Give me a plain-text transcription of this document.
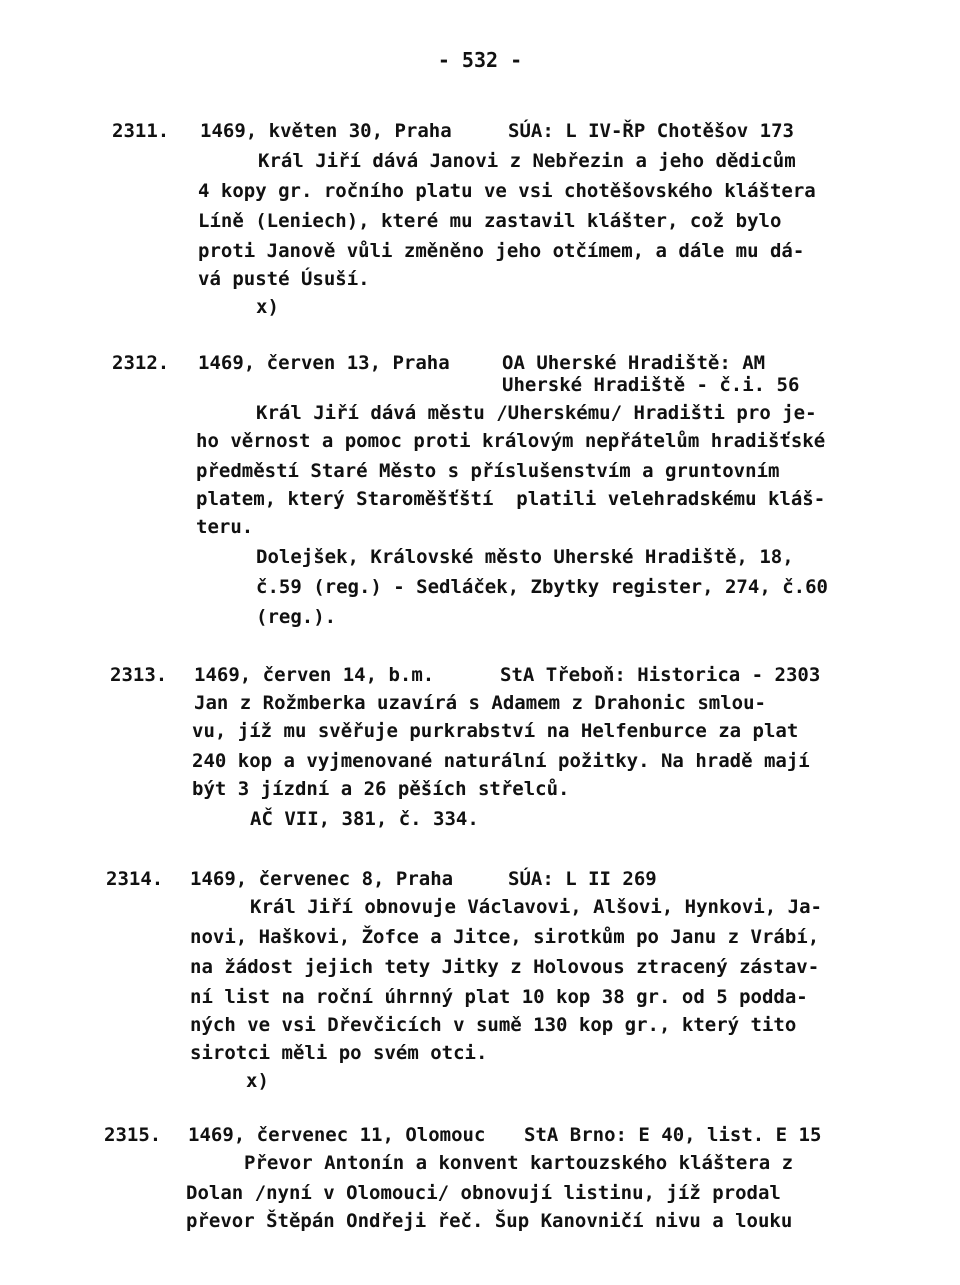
- 532 -
2311. 1469, květen 30, Praha	SÚA: L IV-ŘP Chotěšov 173
Král Jiří dává Janovi z Nebřezin a jeho dědicům
4 kopy gr. ročního platu ve vsi chotěšovského kláštera
Líně (Leniech), které mu zastavil klášter, což bylo
proti Janově vůli změněno jeho otčímem, a dále mu dá-
vá pusté Úsuší.
x)
2312. 1469, červen 13, Praha	OA Uherské Hradiště: AM
Uherské Hradiště - č.i. 56
Král Jiří dává městu /Uherskému/ Hradišti pro je-
ho věrnost a pomoc proti královým nepřátelům hradišťské
předměstí Staré Město s příslušenstvím a gruntovním
platem, který Staroměšťští  platili velehradskému kláš-
teru.
Dolejšek, Královské město Uherské Hradiště, 18,
č.59 (reg.) - Sedláček, Zbytky register, 274, č.60
(reg.).
2313. 1469, červen 14, b.m.	StA Třeboň: Historica - 2303
Jan z Rožmberka uzavírá s Adamem z Drahonic smlou-
vu, jíž mu svěřuje purkrabství na Helfenburce za plat
240 kop a vyjmenované naturální požitky. Na hradě mají
být 3 jízdní a 26 pěších střelců.
AČ VII, 381, č. 334.
2314. 1469, červenec 8, Praha	SÚA: L II 269
Král Jiří obnovuje Václavovi, Alšovi, Hynkovi, Ja-
novi, Haškovi, Žofce a Jitce, sirotkům po Janu z Vrábí,
na žádost jejich tety Jitky z Holovous ztracený zástav-
ní list na roční úhrnný plat 10 kop 38 gr. od 5 podda-
ných ve vsi Dřevčicích v sumě 130 kop gr., který tito
sirotci měli po svém otci.
x)
2315. 1469, červenec 11, Olomouc StA Brno: E 40, list. E 15
Převor Antonín a konvent kartouzského kláštera z
Dolan /nyní v Olomouci/ obnovují listinu, jíž prodal
převor Štěpán Ondřeji řeč. Šup Kanovničí nivu a louku
